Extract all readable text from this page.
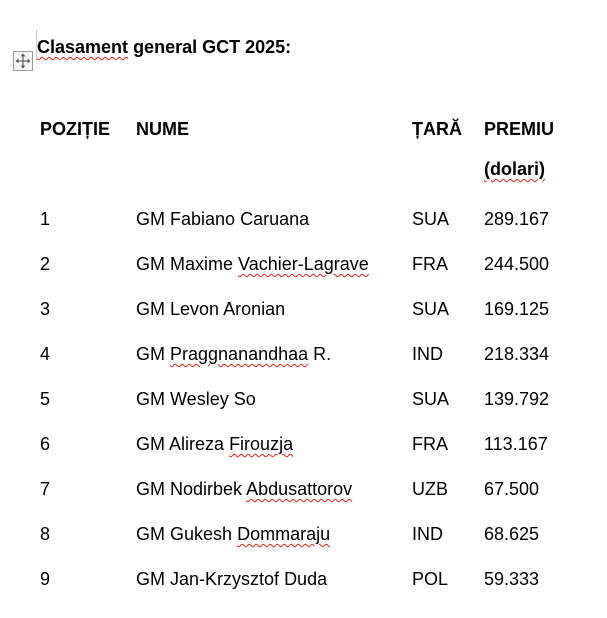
Clasament general GCT 2025:
POZIȚIE	NUME	ȚARĂ	PREMIU
			(dolari)
1	GM Fabiano Caruana	SUA	289.167
2	GM Maxime Vachier-Lagrave	FRA	244.500
3	GM Levon Aronian	SUA	169.125
4	GM Praggnanandhaa R.	IND	218.334
5	GM Wesley So	SUA	139.792
6	GM Alireza Firouzja	FRA	113.167
7	GM Nodirbek Abdusattorov	UZB	67.500
8	GM Gukesh Dommaraju	IND	68.625
9	GM Jan-Krzysztof Duda	POL	59.333
